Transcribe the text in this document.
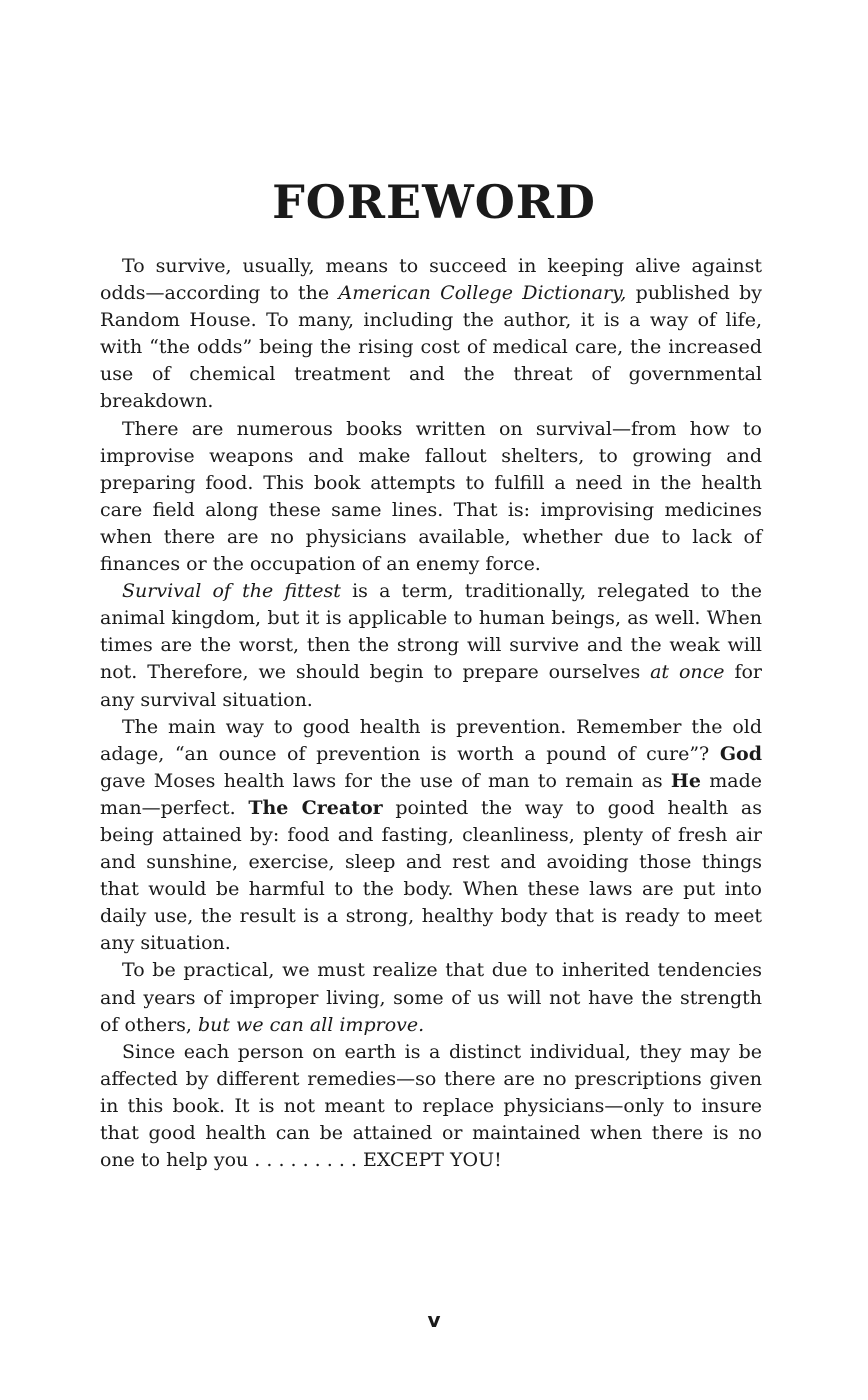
FOREWORD

To survive, usually, means to succeed in keeping alive against odds—according to the American College Dictionary, published by Random House. To many, including the author, it is a way of life, with “the odds” being the rising cost of medical care, the increased use of chemical treatment and the threat of governmental breakdown.

There are numerous books written on survival—from how to improvise weapons and make fallout shelters, to growing and preparing food. This book attempts to fulfill a need in the health care field along these same lines. That is: improvising medicines when there are no physicians available, whether due to lack of finances or the occupation of an enemy force.

Survival of the fittest is a term, traditionally, relegated to the animal kingdom, but it is applicable to human beings, as well. When times are the worst, then the strong will survive and the weak will not. Therefore, we should begin to prepare ourselves at once for any survival situation.

The main way to good health is prevention. Remember the old adage, “an ounce of prevention is worth a pound of cure”? God gave Moses health laws for the use of man to remain as He made man—perfect. The Creator pointed the way to good health as being attained by: food and fasting, cleanliness, plenty of fresh air and sunshine, exercise, sleep and rest and avoiding those things that would be harmful to the body. When these laws are put into daily use, the result is a strong, healthy body that is ready to meet any situation.

To be practical, we must realize that due to inherited tendencies and years of improper living, some of us will not have the strength of others, but we can all improve.

Since each person on earth is a distinct individual, they may be affected by different remedies—so there are no prescriptions given in this book. It is not meant to replace physicians—only to insure that good health can be attained or maintained when there is no one to help you . . . . . . . . . EXCEPT YOU!

v
